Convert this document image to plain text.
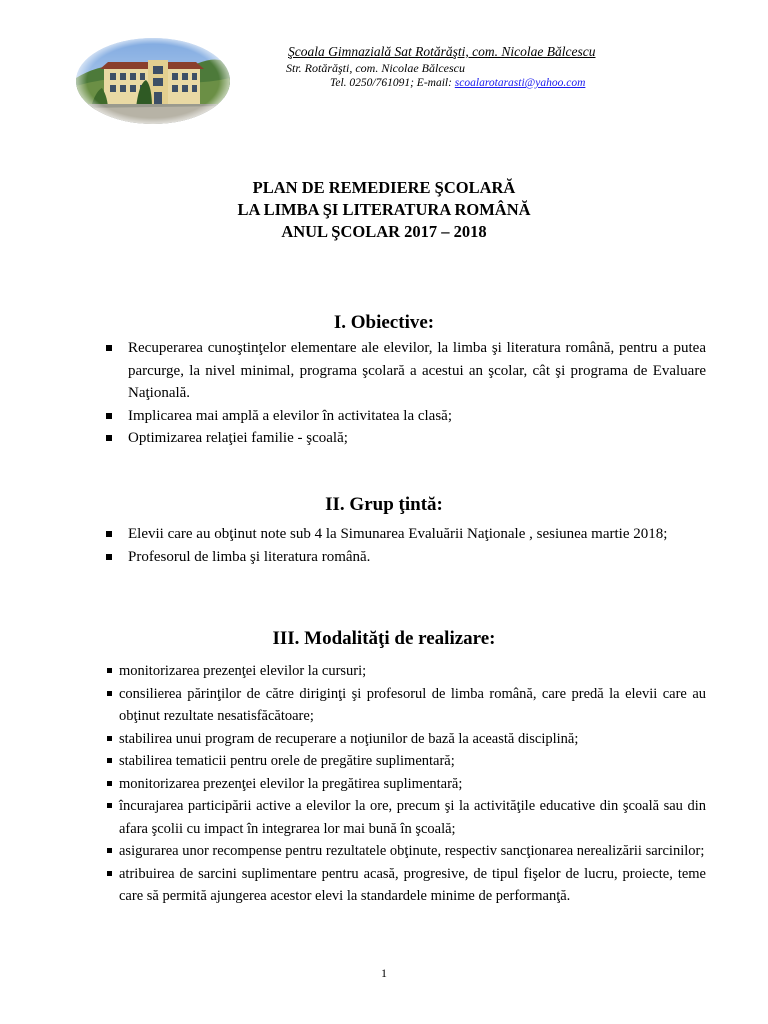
Şcoala Gimnazială Sat Rotărăşti, com. Nicolae Bălcescu
Str. Rotărăşti, com. Nicolae Bălcescu
Tel. 0250/761091; E-mail: scoalarotarasti@yahoo.com
PLAN DE REMEDIERE ŞCOLARĂ
LA LIMBA ŞI LITERATURA ROMÂNĂ
ANUL ŞCOLAR 2017 – 2018
I. Obiective:
Recuperarea cunoştinţelor elementare ale elevilor, la limba şi literatura română, pentru a putea parcurge, la nivel minimal, programa şcolară a acestui an şcolar, cât şi programa de Evaluare Naţională.
Implicarea mai amplă a elevilor în activitatea la clasă;
Optimizarea relaţiei familie - şcoală;
II. Grup ţintă:
Elevii care au obţinut note sub 4 la Simunarea Evaluării Naţionale , sesiunea martie 2018;
Profesorul de limba şi literatura română.
III. Modalităţi de realizare:
monitorizarea prezenţei elevilor la cursuri;
consilierea părinţilor de către diriginţi şi profesorul de limba română, care predă la elevii care au obţinut rezultate nesatisfăcătoare;
stabilirea unui program de recuperare a noţiunilor de bază la această disciplină;
stabilirea tematicii pentru orele de pregătire suplimentară;
monitorizarea prezenţei elevilor la pregătirea suplimentară;
încurajarea participării active a elevilor la ore, precum şi la activităţile educative din şcoală sau din afara şcolii cu impact în integrarea lor mai bună în şcoală;
asigurarea unor recompense pentru rezultatele obţinute, respectiv sancţionarea nerealizării sarcinilor;
atribuirea de sarcini suplimentare pentru acasă, progresive, de tipul fişelor de lucru, proiecte, teme care să permită ajungerea acestor elevi la standardele minime de performanţă.
1
